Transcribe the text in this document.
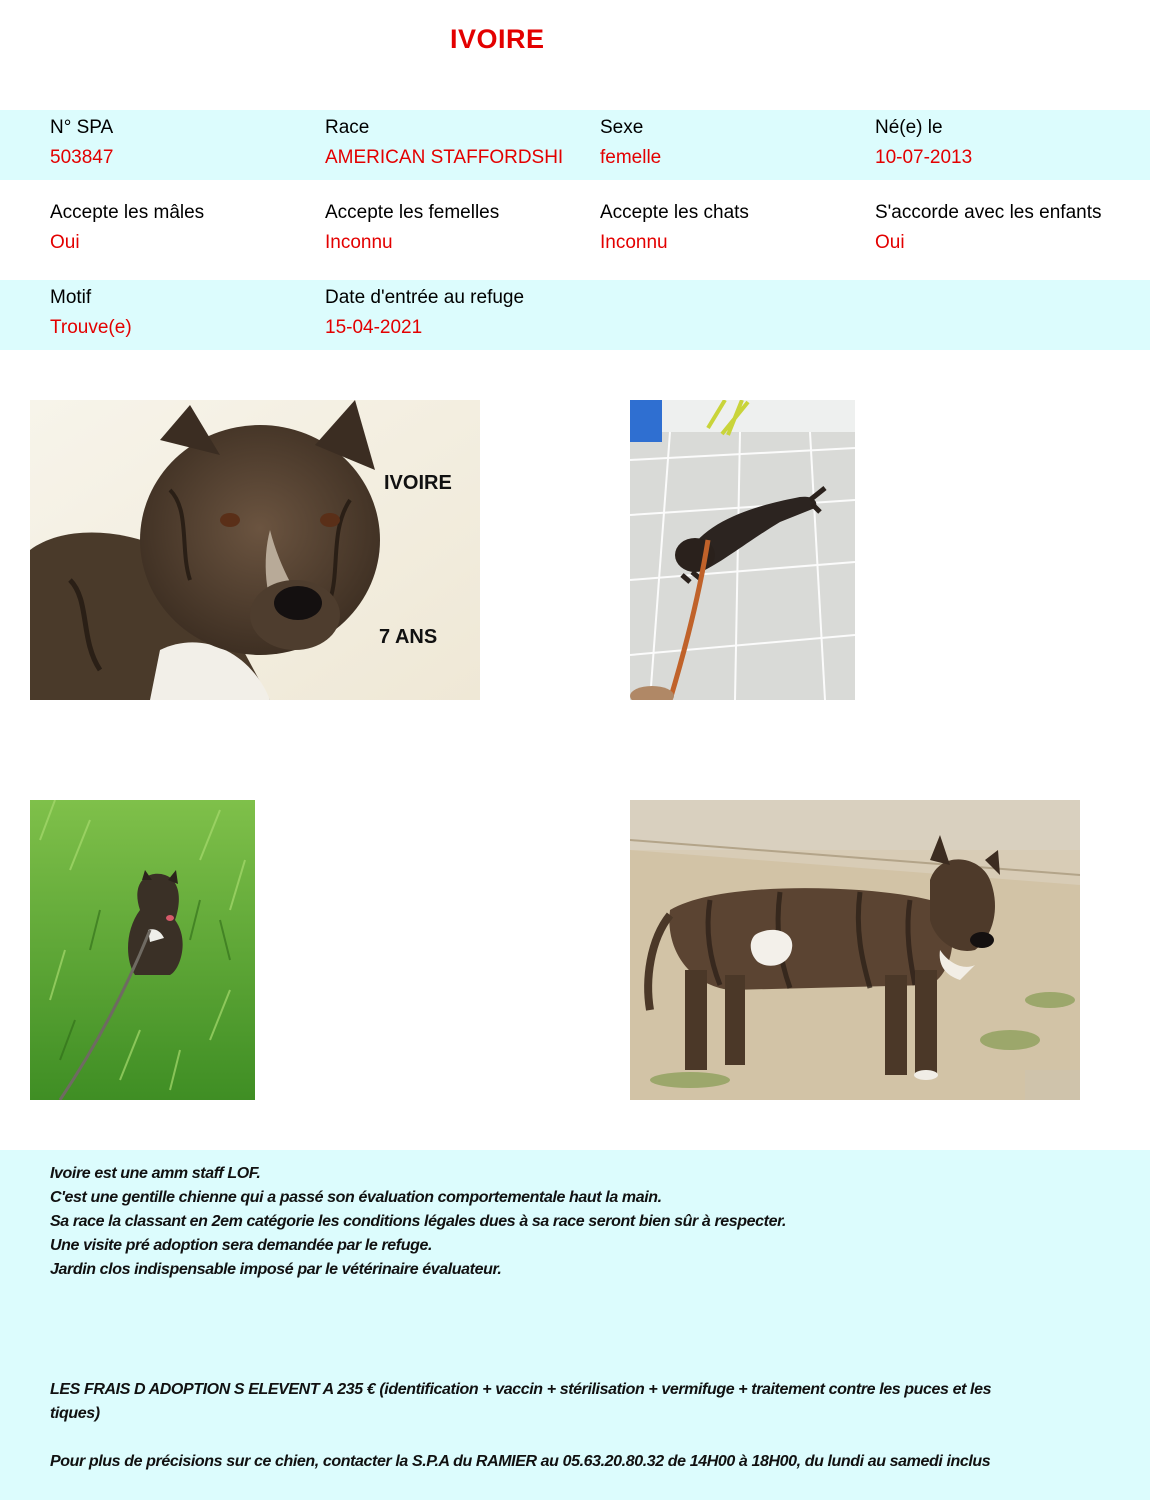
IVOIRE
N° SPA
503847
Race
AMERICAN STAFFORDSHI
Sexe
femelle
Né(e) le
10-07-2013
Accepte les mâles
Oui
Accepte les femelles
Inconnu
Accepte les chats
Inconnu
S'accorde avec les enfants
Oui
Motif
Trouve(e)
Date d'entrée au refuge
15-04-2021
IVOIRE
7 ANS
Ivoire est une amm staff LOF.
C'est une gentille chienne qui a passé son évaluation comportementale haut la main.
Sa race la classant en 2em catégorie les conditions légales dues à sa race seront bien sûr à respecter.
Une visite pré adoption sera demandée par le refuge.
Jardin clos indispensable imposé par le vétérinaire évaluateur.
LES FRAIS D ADOPTION S ELEVENT A 235 € (identification + vaccin + stérilisation + vermifuge + traitement contre les puces et les tiques)
Pour plus de précisions sur ce chien, contacter la S.P.A du RAMIER au 05.63.20.80.32 de 14H00 à 18H00, du lundi au samedi inclus
